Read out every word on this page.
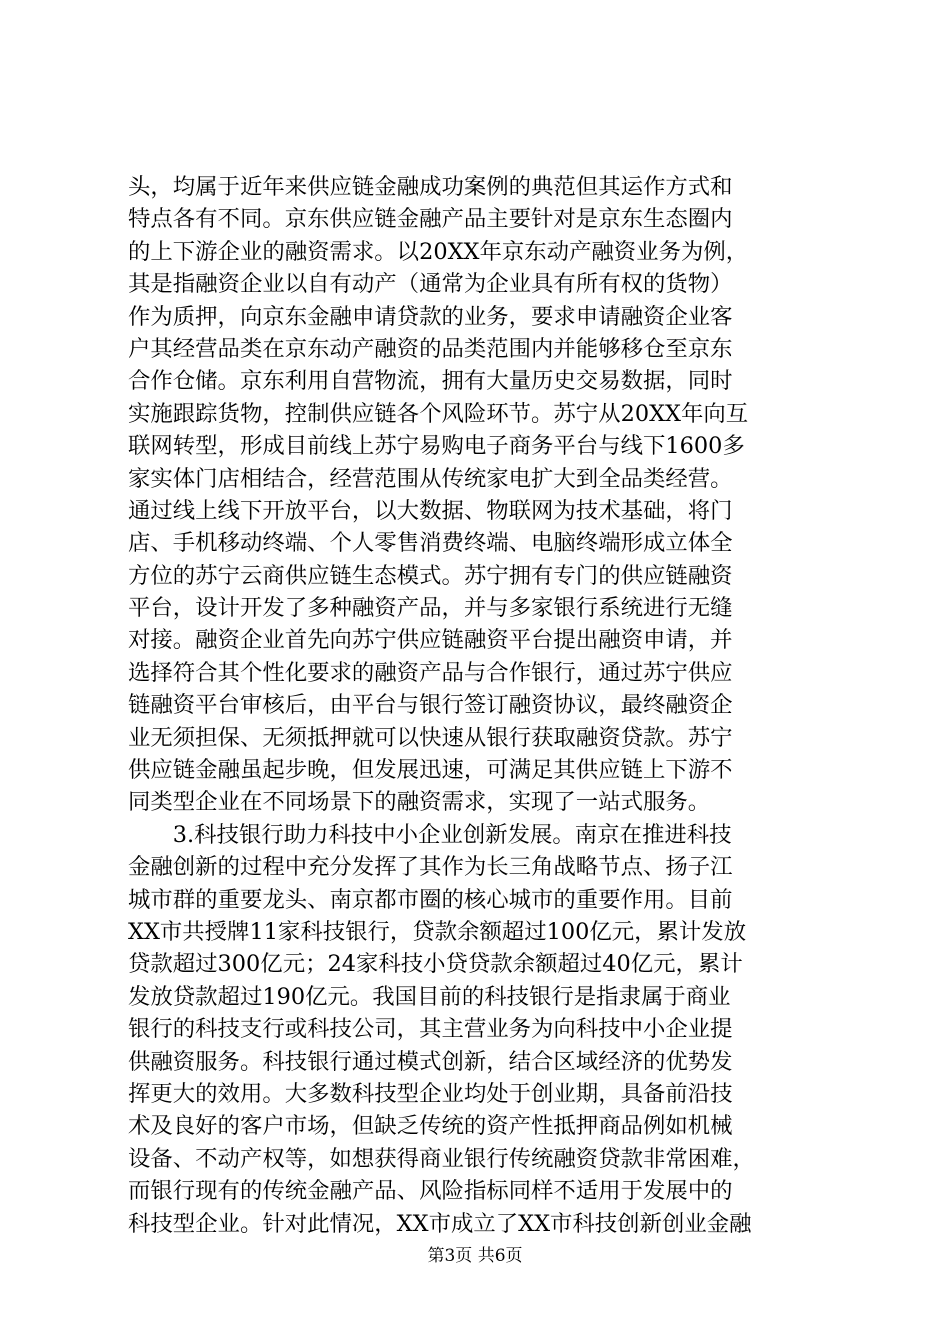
头，均属于近年来供应链金融成功案例的典范但其运作方式和
特点各有不同。京东供应链金融产品主要针对是京东生态圈内
的上下游企业的融资需求。以20XX年京东动产融资业务为例，
其是指融资企业以自有动产（通常为企业具有所有权的货物）
作为质押，向京东金融申请贷款的业务，要求申请融资企业客
户其经营品类在京东动产融资的品类范围内并能够移仓至京东
合作仓储。京东利用自营物流，拥有大量历史交易数据，同时
实施跟踪货物，控制供应链各个风险环节。苏宁从20XX年向互
联网转型，形成目前线上苏宁易购电子商务平台与线下1600多
家实体门店相结合，经营范围从传统家电扩大到全品类经营。
通过线上线下开放平台，以大数据、物联网为技术基础，将门
店、手机移动终端、个人零售消费终端、电脑终端形成立体全
方位的苏宁云商供应链生态模式。苏宁拥有专门的供应链融资
平台，设计开发了多种融资产品，并与多家银行系统进行无缝
对接。融资企业首先向苏宁供应链融资平台提出融资申请，并
选择符合其个性化要求的融资产品与合作银行，通过苏宁供应
链融资平台审核后，由平台与银行签订融资协议，最终融资企
业无须担保、无须抵押就可以快速从银行获取融资贷款。苏宁
供应链金融虽起步晚，但发展迅速，可满足其供应链上下游不
同类型企业在不同场景下的融资需求，实现了一站式服务。
　　3.科技银行助力科技中小企业创新发展。南京在推进科技
金融创新的过程中充分发挥了其作为长三角战略节点、扬子江
城市群的重要龙头、南京都市圈的核心城市的重要作用。目前
XX市共授牌11家科技银行，贷款余额超过100亿元，累计发放
贷款超过300亿元；24家科技小贷贷款余额超过40亿元，累计
发放贷款超过190亿元。我国目前的科技银行是指隶属于商业
银行的科技支行或科技公司，其主营业务为向科技中小企业提
供融资服务。科技银行通过模式创新，结合区域经济的优势发
挥更大的效用。大多数科技型企业均处于创业期，具备前沿技
术及良好的客户市场，但缺乏传统的资产性抵押商品例如机械
设备、不动产权等，如想获得商业银行传统融资贷款非常困难，
而银行现有的传统金融产品、风险指标同样不适用于发展中的
科技型企业。针对此情况，XX市成立了XX市科技创新创业金融
第3页 共6页
